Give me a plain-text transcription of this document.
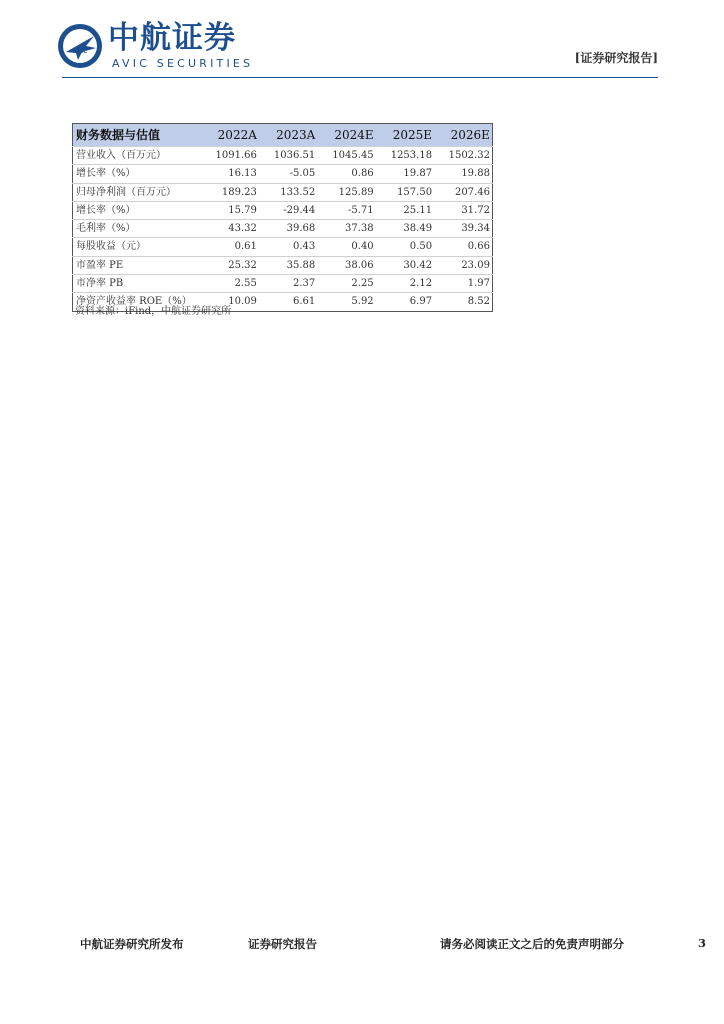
AVIC 中航证券
AVIC SECURITIES	[证券研究报告]
财务数据与估值	2022A	2023A	2024E	2025E	2026E
营业收入（百万元）	1091.66	1036.51	1045.45	1253.18	1502.32
增长率（%）	16.13	-5.05	0.86	19.87	19.88
归母净利润（百万元）	189.23	133.52	125.89	157.50	207.46
增长率（%）	15.79	-29.44	-5.71	25.11	31.72
毛利率（%）	43.32	39.68	37.38	38.49	39.34
每股收益（元）	0.61	0.43	0.40	0.50	0.66
市盈率 PE	25.32	35.88	38.06	30.42	23.09
市净率 PB	2.55	2.37	2.25	2.12	1.97
净资产收益率 ROE（%）	10.09	6.61	5.92	6.97	8.52
资料来源：iFind，中航证券研究所
中航证券研究所发布	证券研究报告	请务必阅读正文之后的免责声明部分	3
